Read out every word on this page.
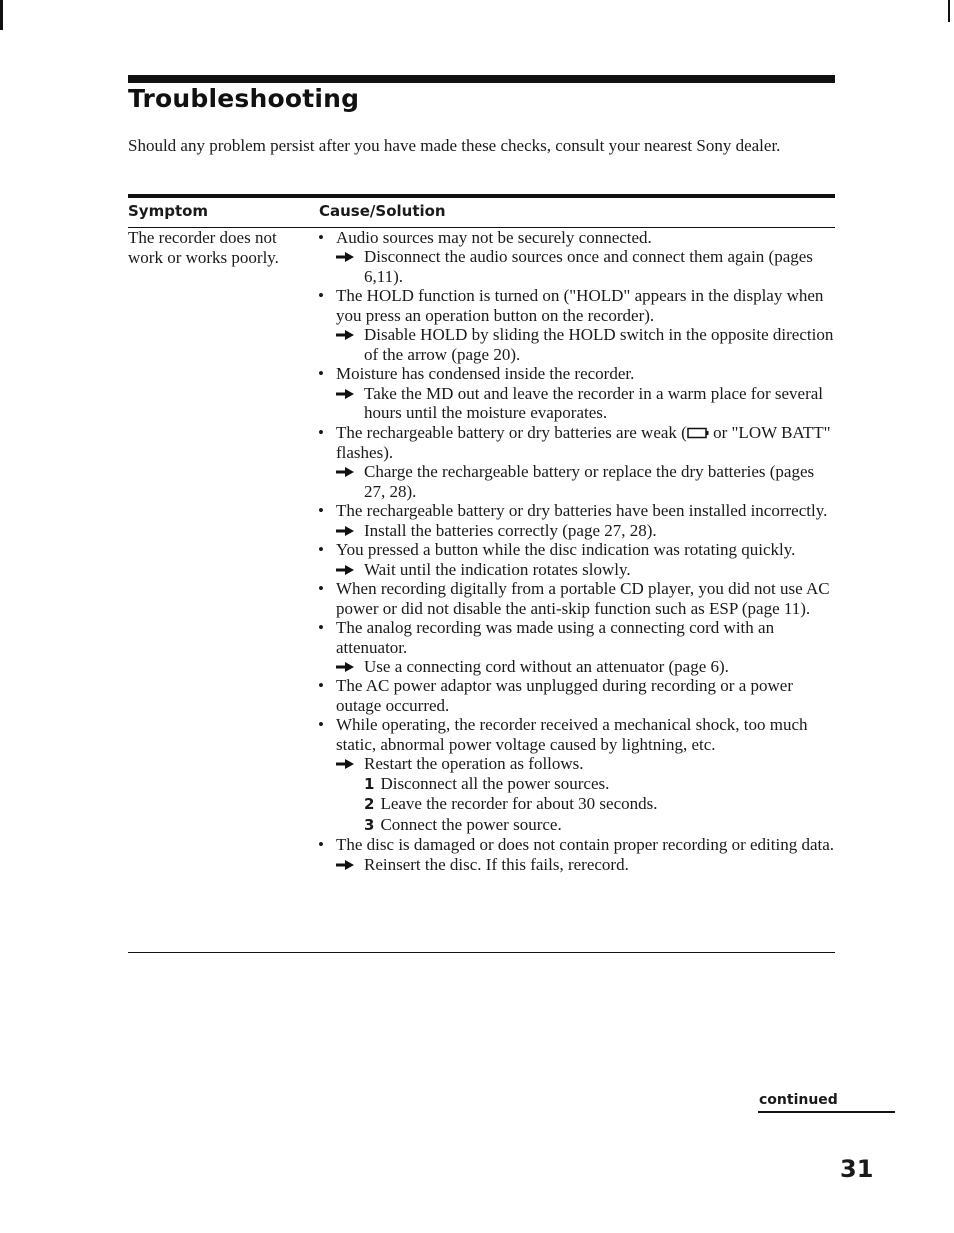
Troubleshooting

Should any problem persist after you have made these checks, consult your nearest Sony dealer.

Symptom	Cause/Solution
The recorder does not work or works poorly.
• Audio sources may not be securely connected.
Disconnect the audio sources once and connect them again (pages 6,11).
• The HOLD function is turned on ("HOLD" appears in the display when you press an operation button on the recorder).
Disable HOLD by sliding the HOLD switch in the opposite direction of the arrow (page 20).
• Moisture has condensed inside the recorder.
Take the MD out and leave the recorder in a warm place for several hours until the moisture evaporates.
• The rechargeable battery or dry batteries are weak ( or "LOW BATT" flashes).
Charge the rechargeable battery or replace the dry batteries (pages 27, 28).
• The rechargeable battery or dry batteries have been installed incorrectly.
Install the batteries correctly (page 27, 28).
• You pressed a button while the disc indication was rotating quickly.
Wait until the indication rotates slowly.
• When recording digitally from a portable CD player, you did not use AC power or did not disable the anti-skip function such as ESP (page 11).
• The analog recording was made using a connecting cord with an attenuator.
Use a connecting cord without an attenuator (page 6).
• The AC power adaptor was unplugged during recording or a power outage occurred.
• While operating, the recorder received a mechanical shock, too much static, abnormal power voltage caused by lightning, etc.
Restart the operation as follows.
1 Disconnect all the power sources.
2 Leave the recorder for about 30 seconds.
3 Connect the power source.
• The disc is damaged or does not contain proper recording or editing data.
Reinsert the disc. If this fails, rerecord.
continued
31
